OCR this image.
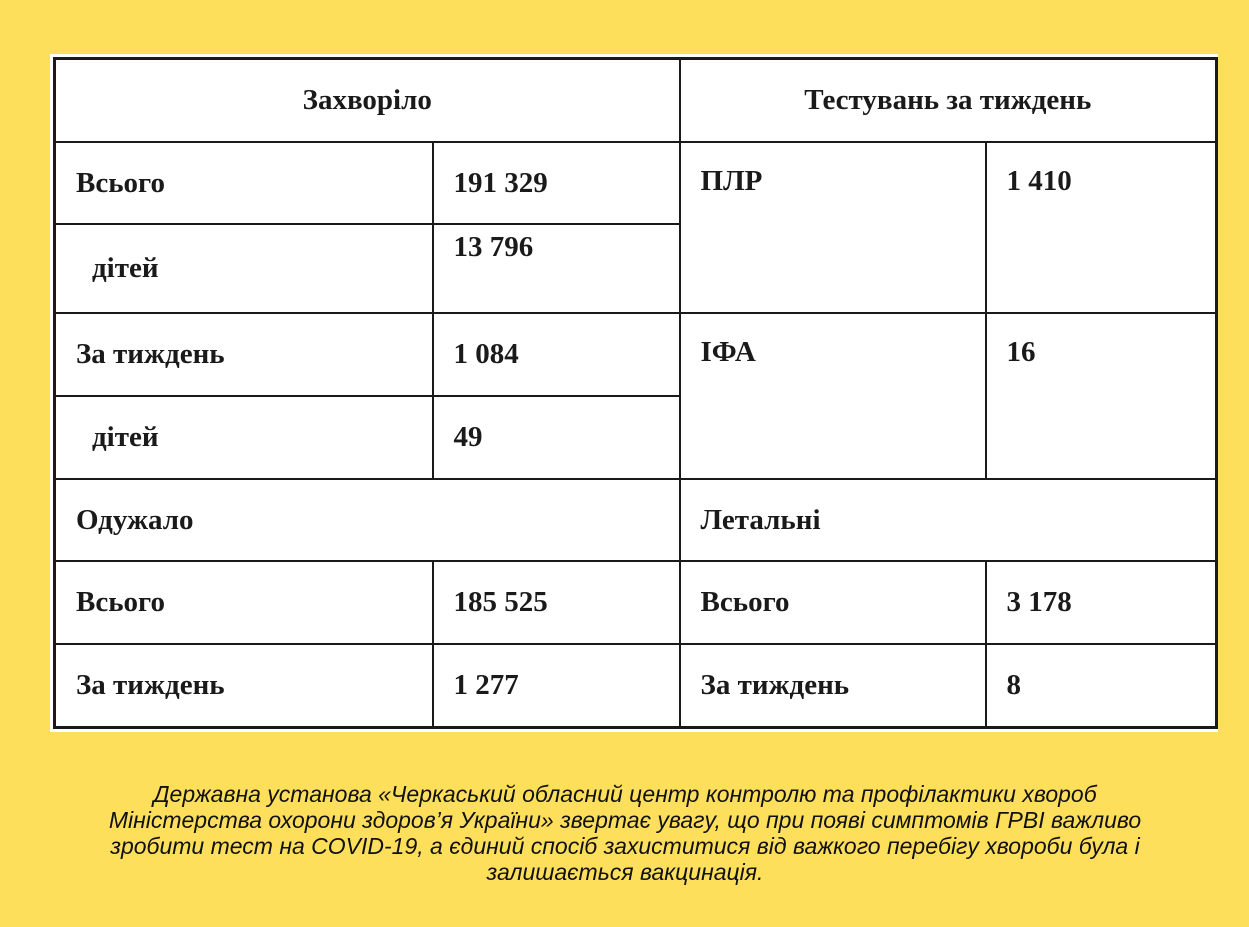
Захворіло		Тестувань за тиждень	
Всього	191 329	ПЛР	1 410
дітей	13 796		
За тиждень	1 084	ІФА	16
дітей	49		
Одужало		Летальні	
Всього	185 525	Всього	3 178
За тиждень	1 277	За тиждень	8
Державна установа «Черкаський обласний центр контролю та профілактики хвороб
Міністерства охорони здоров’я України» звертає увагу, що при появі симптомів ГРВІ важливо
зробити тест на COVID-19, а єдиний спосіб захиститися від важкого перебігу хвороби була і
залишається вакцинація.
